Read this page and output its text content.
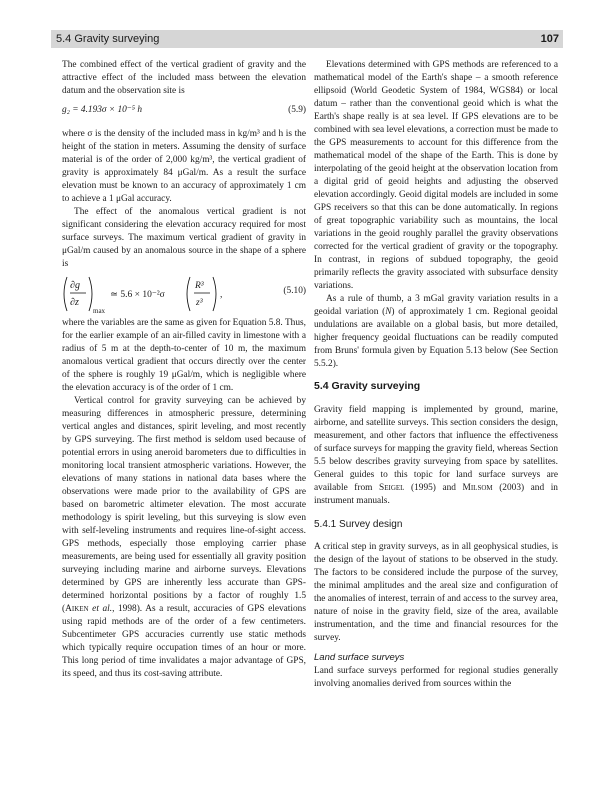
5.4 Gravity surveying	107

The combined effect of the vertical gradient of gravity and the attractive effect of the included mass between the elevation datum and the observation site is

g₂ = 4.193σ × 10⁻⁵ h	(5.9)

where σ is the density of the included mass in kg/m³ and h is the height of the station in meters. Assuming the density of surface material is of the order of 2,000 kg/m³, the vertical gradient of gravity is approximately 84 μGal/m. As a result the surface elevation must be known to an accuracy of approximately 1 cm to achieve a 1 μGal accuracy.

The effect of the anomalous vertical gradient is not significant considering the elevation accuracy required for most surface surveys. The maximum vertical gradient of gravity in μGal/m caused by an anomalous source in the shape of a sphere is

∂g
∂z
max
≃ 5.6 × 10⁻²σ
R³
z³
,	(5.10)

where the variables are the same as given for Equation 5.8. Thus, for the earlier example of an air-filled cavity in limestone with a radius of 5 m at the depth-to-center of 10 m, the maximum anomalous vertical gradient that occurs directly over the center of the sphere is roughly 19 μGal/m, which is negligible where the elevation accuracy is of the order of 1 cm.

Vertical control for gravity surveying can be achieved by measuring differences in atmospheric pressure, determining vertical angles and distances, spirit leveling, and most recently by GPS surveying. The first method is seldom used because of potential errors in using aneroid barometers due to difficulties in monitoring local transient atmospheric variations. However, the elevations of many stations in national data bases where the observations were made prior to the availability of GPS are based on barometric altimeter elevation. The most accurate methodology is spirit leveling, but this surveying is slow even with self-leveling instruments and requires line-of-sight access. GPS methods, especially those employing carrier phase measurements, are being used for essentially all gravity position surveying including marine and airborne surveys. Elevations determined by GPS are inherently less accurate than GPS-determined horizontal positions by a factor of roughly 1.5 (Aiken et al., 1998). As a result, accuracies of GPS elevations using rapid methods are of the order of a few centimeters. Subcentimeter GPS accuracies currently use static methods which typically require occupation times of an hour or more. This long period of time invalidates a major advantage of GPS, its speed, and thus its cost-saving attribute.

Elevations determined with GPS methods are referenced to a mathematical model of the Earth's shape – a smooth reference ellipsoid (World Geodetic System of 1984, WGS84) or local datum – rather than the conventional geoid which is what the Earth's shape really is at sea level. If GPS elevations are to be combined with sea level elevations, a correction must be made to the GPS measurements to account for this difference from the mathematical model of the shape of the Earth. This is done by interpolating of the geoid height at the observation location from a digital grid of geoid heights and adjusting the observed elevation accordingly. Geoid digital models are included in some GPS receivers so that this can be done automatically. In regions of great topographic variability such as mountains, the local variations in the geoid roughly parallel the gravity observations corrected for the vertical gradient of gravity or the topography. In contrast, in regions of subdued topography, the geoid primarily reflects the gravity associated with subsurface density variations.

As a rule of thumb, a 3 mGal gravity variation results in a geoidal variation (N) of approximately 1 cm. Regional geoidal undulations are available on a global basis, but more detailed, higher frequency geoidal fluctuations can be readily computed from Bruns' formula given by Equation 5.13 below (See Section 5.5.2).

5.4 Gravity surveying

Gravity field mapping is implemented by ground, marine, airborne, and satellite surveys. This section considers the design, measurement, and other factors that influence the effectiveness of surface surveys for mapping the gravity field, whereas Section 5.5 below describes gravity surveying from space by satellites. General guides to this topic for land surface surveys are available from Seigel (1995) and Milsom (2003) and in instrument manuals.

5.4.1 Survey design

A critical step in gravity surveys, as in all geophysical studies, is the design of the layout of stations to be observed in the study. The factors to be considered include the purpose of the survey, the minimal amplitudes and the areal size and configuration of the anomalies of interest, terrain of and access to the survey area, nature of noise in the gravity field, size of the area, available instrumentation, and the time and financial resources for the survey.

Land surface surveys

Land surface surveys performed for regional studies generally involving anomalies derived from sources within the
